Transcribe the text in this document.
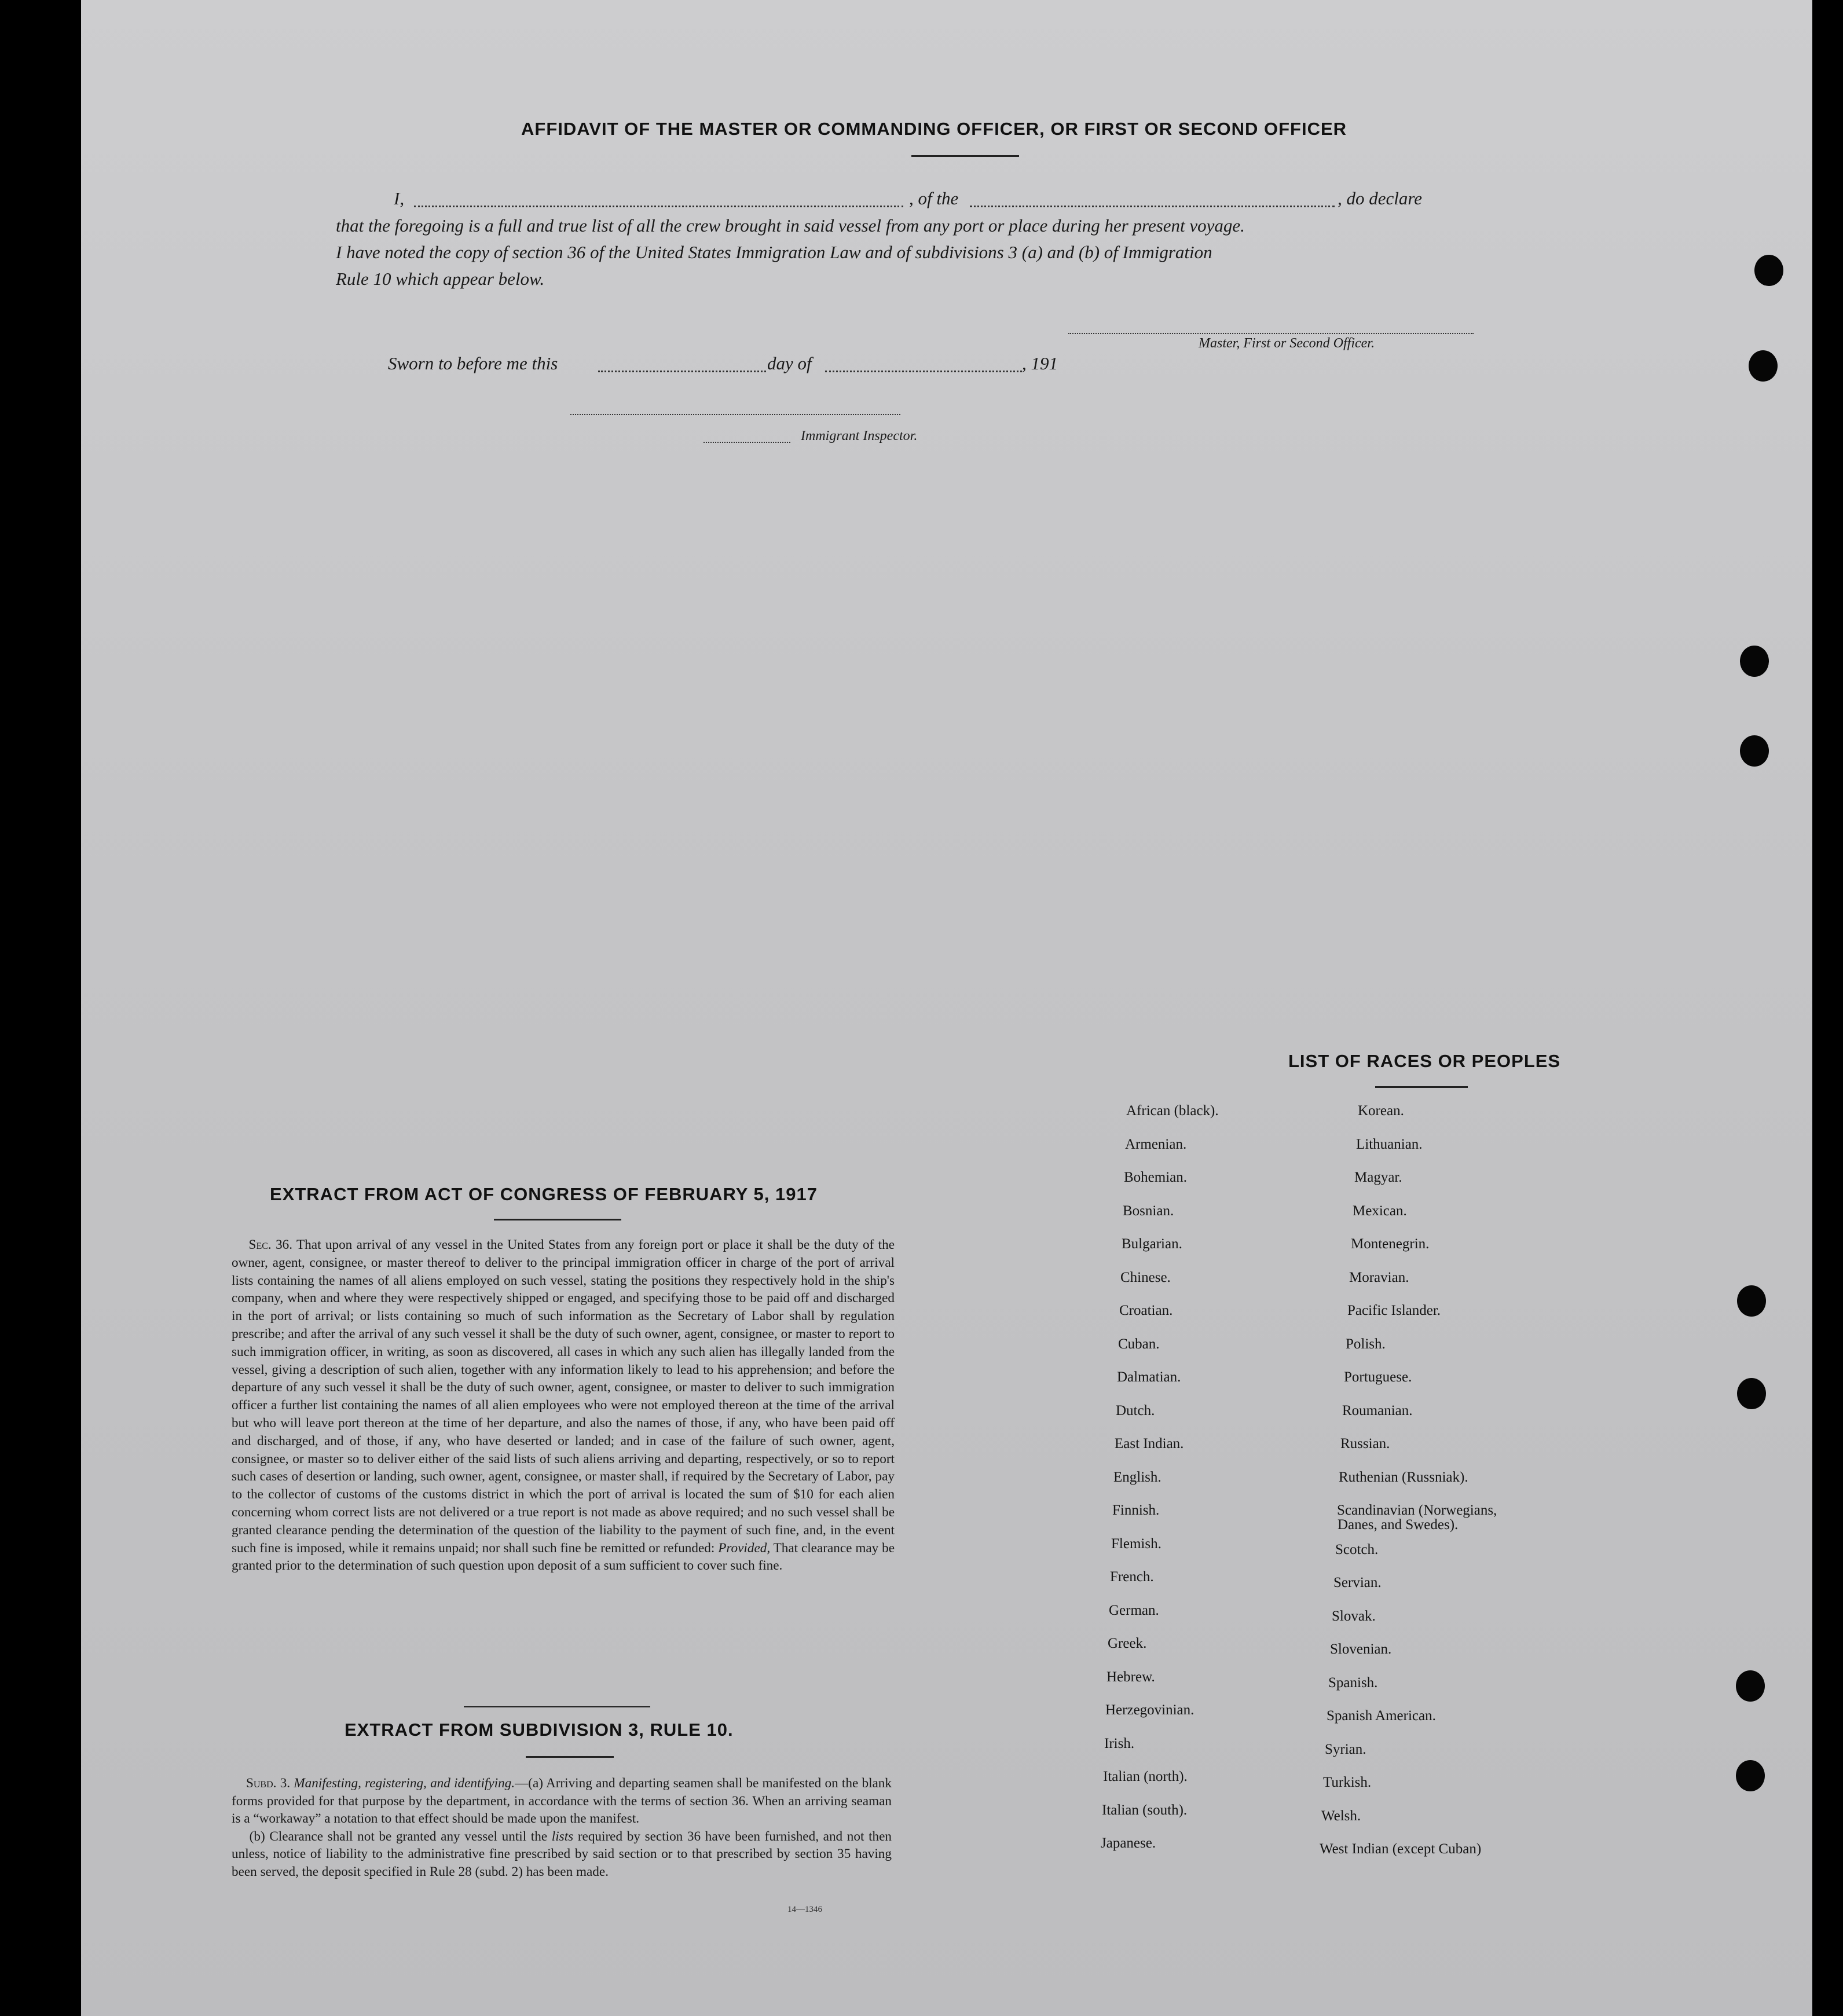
AFFIDAVIT OF THE MASTER OR COMMANDING OFFICER, OR FIRST OR SECOND OFFICER
I,	, of the	, do declare
that the foregoing is a full and true list of all the crew brought in said vessel from any port or place during her present voyage.
I have noted the copy of section 36 of the United States Immigration Law and of subdivisions 3 (a) and (b) of Immigration
Rule 10 which appear below.
Master, First or Second Officer.
Sworn to before me this	day of	, 191
Immigrant Inspector.
EXTRACT FROM ACT OF CONGRESS OF FEBRUARY 5, 1917
Sec. 36. That upon arrival of any vessel in the United States from any foreign port or place it shall be the duty of the owner, agent, consignee, or master thereof to deliver to the principal immigration officer in charge of the port of arrival lists containing the names of all aliens employed on such vessel, stating the positions they respectively hold in the ship's company, when and where they were respectively shipped or engaged, and specifying those to be paid off and discharged in the port of arrival; or lists containing so much of such information as the Secretary of Labor shall by regulation prescribe; and after the arrival of any such vessel it shall be the duty of such owner, agent, consignee, or master to report to such immigration officer, in writing, as soon as discovered, all cases in which any such alien has illegally landed from the vessel, giving a description of such alien, together with any information likely to lead to his apprehension; and before the departure of any such vessel it shall be the duty of such owner, agent, consignee, or master to deliver to such immigration officer a further list containing the names of all alien employees who were not employed thereon at the time of the arrival but who will leave port thereon at the time of her departure, and also the names of those, if any, who have been paid off and discharged, and of those, if any, who have deserted or landed; and in case of the failure of such owner, agent, consignee, or master so to deliver either of the said lists of such aliens arriving and departing, respectively, or so to report such cases of desertion or landing, such owner, agent, consignee, or master shall, if required by the Secretary of Labor, pay to the collector of customs of the customs district in which the port of arrival is located the sum of $10 for each alien concerning whom correct lists are not delivered or a true report is not made as above required; and no such vessel shall be granted clearance pending the determination of the question of the liability to the payment of such fine, and, in the event such fine is imposed, while it remains unpaid; nor shall such fine be remitted or refunded: Provided, That clearance may be granted prior to the determination of such question upon deposit of a sum sufficient to cover such fine.
EXTRACT FROM SUBDIVISION 3, RULE 10.
Subd. 3. Manifesting, registering, and identifying.—(a) Arriving and departing seamen shall be manifested on the blank forms provided for that purpose by the department, in accordance with the terms of section 36. When an arriving seaman is a “workaway” a notation to that effect should be made upon the manifest.
(b) Clearance shall not be granted any vessel until the lists required by section 36 have been furnished, and not then unless, notice of liability to the administrative fine prescribed by said section or to that prescribed by section 35 having been served, the deposit specified in Rule 28 (subd. 2) has been made.
14—1346
LIST OF RACES OR PEOPLES
Danes, and Swedes).
African (black).
Armenian.
Bohemian.
Bosnian.
Bulgarian.
Chinese.
Croatian.
Cuban.
Dalmatian.
Dutch.
East Indian.
English.
Finnish.
Flemish.
French.
German.
Greek.
Hebrew.
Herzegovinian.
Irish.
Italian (north).
Italian (south).
Japanese.
Korean.
Lithuanian.
Magyar.
Mexican.
Montenegrin.
Moravian.
Pacific Islander.
Polish.
Portuguese.
Roumanian.
Russian.
Ruthenian (Russniak).
Scandinavian (Norwegians,
Scotch.
Servian.
Slovak.
Slovenian.
Spanish.
Spanish American.
Syrian.
Turkish.
Welsh.
West Indian (except Cuban)
